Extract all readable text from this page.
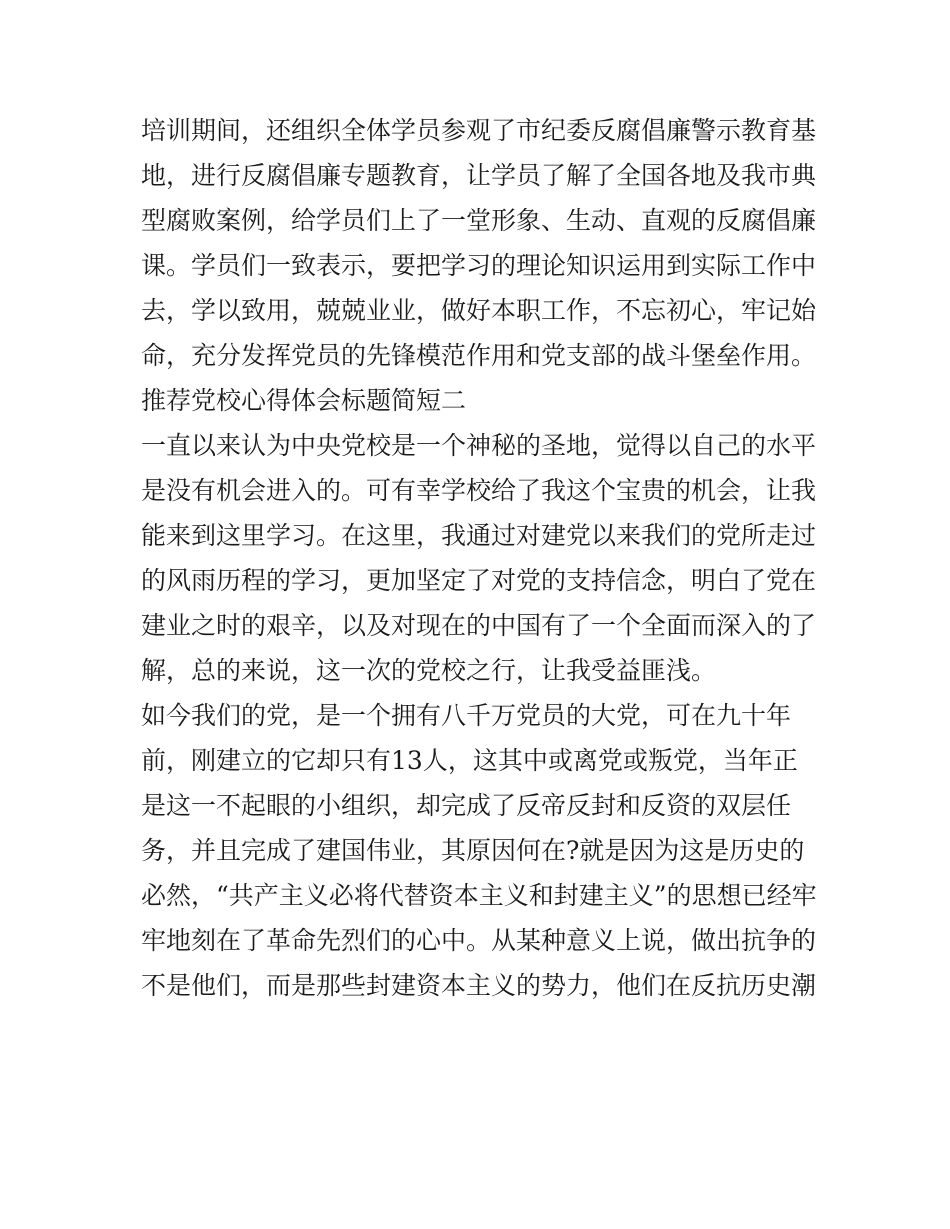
培训期间，还组织全体学员参观了市纪委反腐倡廉警示教育基
地，进行反腐倡廉专题教育，让学员了解了全国各地及我市典
型腐败案例，给学员们上了一堂形象、生动、直观的反腐倡廉
课。学员们一致表示，要把学习的理论知识运用到实际工作中
去，学以致用，兢兢业业，做好本职工作，不忘初心，牢记始
命，充分发挥党员的先锋模范作用和党支部的战斗堡垒作用。
推荐党校心得体会标题简短二
一直以来认为中央党校是一个神秘的圣地，觉得以自己的水平
是没有机会进入的。可有幸学校给了我这个宝贵的机会，让我
能来到这里学习。在这里，我通过对建党以来我们的党所走过
的风雨历程的学习，更加坚定了对党的支持信念，明白了党在
建业之时的艰辛，以及对现在的中国有了一个全面而深入的了
解，总的来说，这一次的党校之行，让我受益匪浅。
如今我们的党，是一个拥有八千万党员的大党，可在九十年
前，刚建立的它却只有13人，这其中或离党或叛党，当年正
是这一不起眼的小组织，却完成了反帝反封和反资的双层任
务，并且完成了建国伟业，其原因何在?就是因为这是历史的
必然，“共产主义必将代替资本主义和封建主义”的思想已经牢
牢地刻在了革命先烈们的心中。从某种意义上说，做出抗争的
不是他们，而是那些封建资本主义的势力，他们在反抗历史潮
